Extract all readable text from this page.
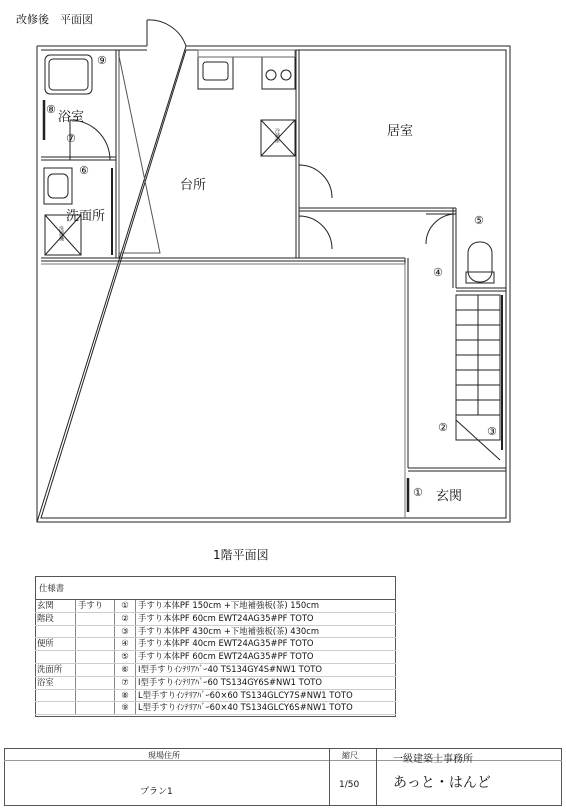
改修後　平面図
浴室
洗面所
台所
居室
玄関
洗濯機
冷蔵庫
①
②	③
④
⑤
⑥
⑦
⑧
⑨
1階平面図
仕様書
玄関	手すり	①	手すり本体PF 150cm +下地補強板(茶) 150cm
階段		②	手すり本体PF 60cm EWT24AG35#PF TOTO
		③	手すり本体PF 430cm +下地補強板(茶) 430cm
便所		④	手すり本体PF 40cm EWT24AG35#PF TOTO
		⑤	手すり本体PF 60cm EWT24AG35#PF TOTO
洗面所		⑥	I型手すりｲﾝﾃﾘｱﾊﾞｰ40 TS134GY4S#NW1 TOTO
浴室		⑦	I型手すりｲﾝﾃﾘｱﾊﾞｰ60 TS134GY6S#NW1 TOTO
		⑧	L型手すりｲﾝﾃﾘｱﾊﾞｰ60×60 TS134GLCY7S#NW1 TOTO
		⑨	L型手すりｲﾝﾃﾘｱﾊﾞｰ60×40 TS134GLCY6S#NW1 TOTO
現場住所
プラン1
縮尺
1/50
一級建築士事務所
あっと・はんど
